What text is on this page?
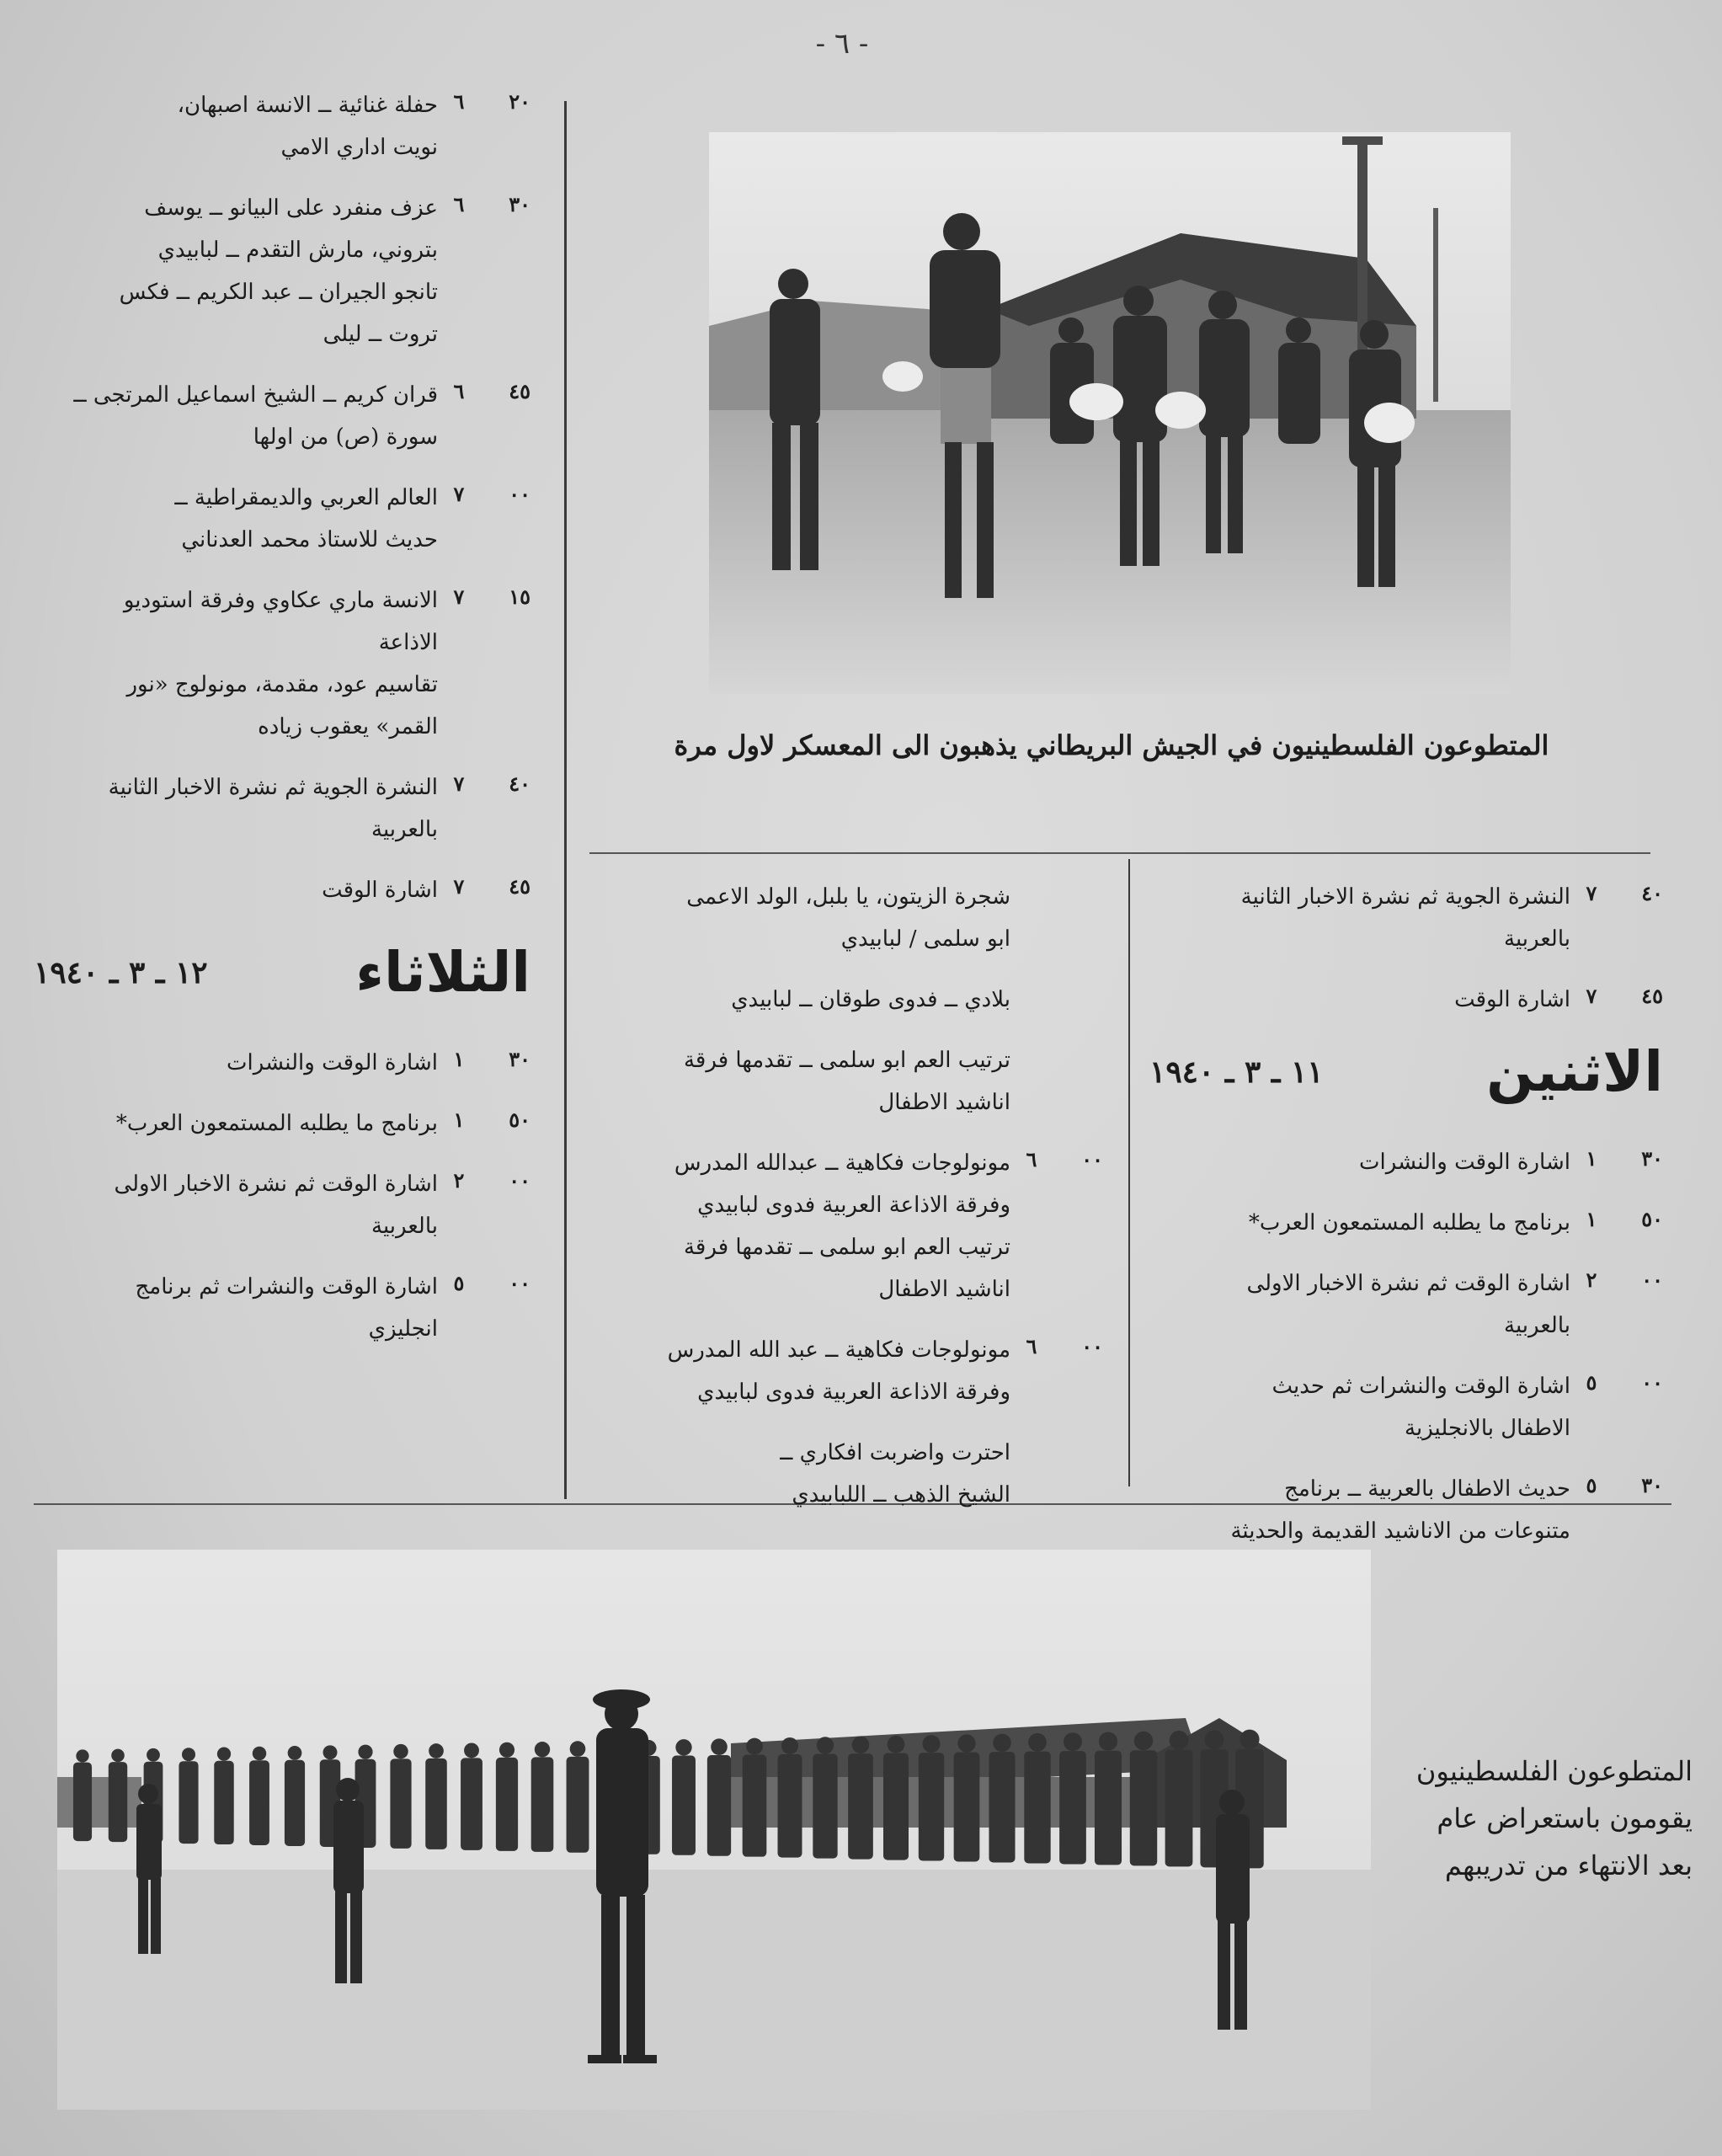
- ٦ -
المتطوعون الفلسطينيون في الجيش البريطاني يذهبون الى المعسكر لاول مرة
٢٠
٦
حفلة غنائية ــ الانسة اصبهان،
نويت اداري الامي
٣٠
٦
عزف منفرد على البيانو ــ يوسف
بتروني، مارش التقدم ــ لبابيدي
تانجو الجيران ــ عبد الكريم ــ فكس
تروت ــ ليلى
٤٥
٦
قران كريم ــ الشيخ اسماعيل المرتجى ــ
سورة (ص) من اولها
٠٠
٧
العالم العربي والديمقراطية ــ
حديث للاستاذ محمد العدناني
١٥
٧
الانسة ماري عكاوي وفرقة استوديو
الاذاعة
تقاسيم عود، مقدمة، مونولوج «نور
القمر» يعقوب زياده
٤٠
٧
النشرة الجوية ثم نشرة الاخبار الثانية
بالعربية
٤٥
٧
اشارة الوقت
الثلاثاء
١٢ ـ ٣ ـ ١٩٤٠
٣٠
١
اشارة الوقت والنشرات
٥٠
١
برنامج ما يطلبه المستمعون العرب*
٠٠
٢
اشارة الوقت ثم نشرة الاخبار الاولى
بالعربية
٠٠
٥
اشارة الوقت والنشرات ثم برنامج
انجليزي
شجرة الزيتون، يا بلبل، الولد الاعمى
ابو سلمى / لبابيدي
بلادي ــ فدوى طوقان ــ لبابيدي
ترتيب العم ابو سلمى ــ تقدمها فرقة
اناشيد الاطفال
٠٠
٦
مونولوجات فكاهية ــ عبدالله المدرس
وفرقة الاذاعة العربية فدوى لبابيدي
ترتيب العم ابو سلمى ــ تقدمها فرقة
اناشيد الاطفال
٠٠
٦
مونولوجات فكاهية ــ عبد الله المدرس
وفرقة الاذاعة العربية فدوى لبابيدي
احترت واضربت افكاري ــ
الشيخ الذهب ــ اللبابيدي
٤٠
٧
النشرة الجوية ثم نشرة الاخبار الثانية
بالعربية
٤٥
٧
اشارة الوقت
الاثنين
١١ ـ ٣ ـ ١٩٤٠
٣٠
١
اشارة الوقت والنشرات
٥٠
١
برنامج ما يطلبه المستمعون العرب*
٠٠
٢
اشارة الوقت ثم نشرة الاخبار الاولى
بالعربية
٠٠
٥
اشارة الوقت والنشرات ثم حديث
الاطفال بالانجليزية
٣٠
٥
حديث الاطفال بالعربية ــ برنامج
متنوعات من الاناشيد القديمة والحديثة
المتطوعون الفلسطينيون
يقومون باستعراض عام
بعد الانتهاء من تدريبهم
